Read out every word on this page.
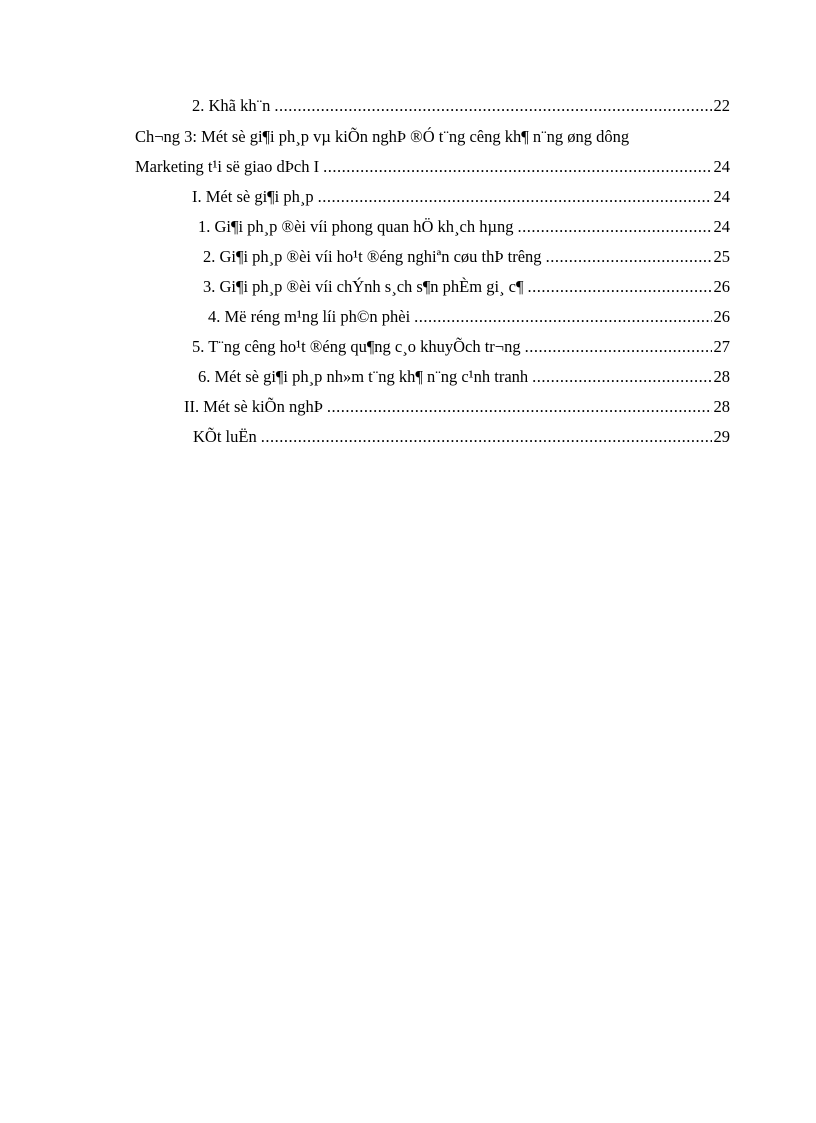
2. Khã kh¨n .....	22
Ch¬ng 3: Mét sè gi¶i ph¸p vµ kiÕn nghÞ ®Ó t¨ng cêng kh¶ n¨ng øng dông
Marketing t¹i së giao dÞch I .....	24
I. Mét sè gi¶i ph¸p .....	24
1. Gi¶i ph¸p ®èi víi phong quan hÖ kh¸ch hµng .....	24
2. Gi¶i ph¸p ®èi víi ho¹t ®éng nghiªn cøu thÞ trêng .....	25
3. Gi¶i ph¸p ®èi víi chÝnh s¸ch s¶n phÈm gi¸ c¶ .....	26
4. Më réng m¹ng líi ph©n phèi .....	26
5. T¨ng cêng ho¹t ®éng qu¶ng c¸o khuyÕch tr¬ng .....	27
6. Mét sè gi¶i ph¸p nh»m t¨ng kh¶ n¨ng c¹nh tranh .....	28
II. Mét sè kiÕn nghÞ .....	28
KÕt luËn .....	29
